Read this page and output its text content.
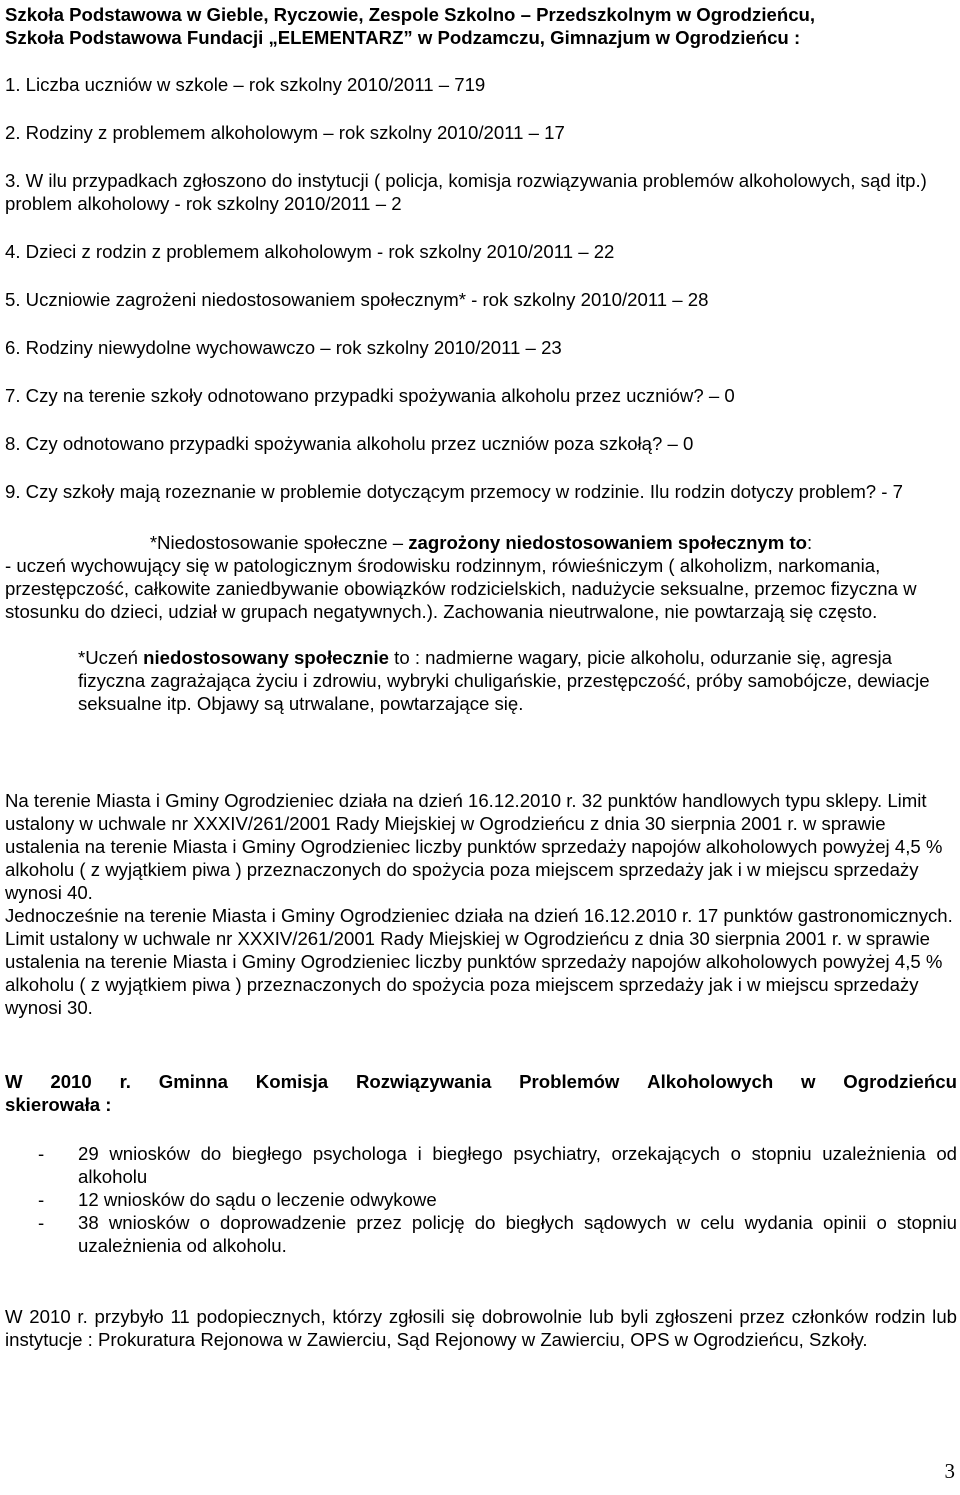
Szkoła Podstawowa w Gieble, Ryczowie, Zespole Szkolno – Przedszkolnym w Ogrodzieńcu,
Szkoła Podstawowa Fundacji „ELEMENTARZ” w Podzamczu, Gimnazjum w Ogrodzieńcu :

1. Liczba uczniów w szkole – rok szkolny 2010/2011 – 719

2. Rodziny z problemem alkoholowym – rok szkolny 2010/2011 – 17

3. W ilu przypadkach zgłoszono do instytucji ( policja, komisja rozwiązywania problemów alkoholowych, sąd itp.) problem alkoholowy - rok szkolny 2010/2011 – 2

4. Dzieci z rodzin z problemem alkoholowym - rok szkolny 2010/2011 – 22

5. Uczniowie zagrożeni niedostosowaniem społecznym* - rok szkolny 2010/2011 – 28

6. Rodziny niewydolne wychowawczo – rok szkolny 2010/2011 – 23

7. Czy na terenie szkoły odnotowano przypadki spożywania alkoholu przez uczniów? – 0

8. Czy odnotowano przypadki spożywania alkoholu przez uczniów poza szkołą? – 0

9. Czy szkoły mają rozeznanie w problemie dotyczącym przemocy w rodzinie. Ilu rodzin dotyczy problem? - 7

*Niedostosowanie społeczne – zagrożony niedostosowaniem społecznym to:
- uczeń wychowujący się w patologicznym środowisku rodzinnym, rówieśniczym ( alkoholizm, narkomania, przestępczość, całkowite zaniedbywanie obowiązków rodzicielskich, nadużycie seksualne, przemoc fizyczna w stosunku do dzieci, udział w grupach negatywnych.). Zachowania nieutrwalone, nie powtarzają się często.
*Uczeń niedostosowany społecznie to : nadmierne wagary, picie alkoholu, odurzanie się, agresja fizyczna zagrażająca życiu i zdrowiu, wybryki chuligańskie, przestępczość, próby samobójcze, dewiacje seksualne itp. Objawy są utrwalane, powtarzające się.
Na terenie Miasta i Gminy Ogrodzieniec działa na dzień 16.12.2010 r. 32 punktów handlowych typu sklepy. Limit ustalony w uchwale nr XXXIV/261/2001 Rady Miejskiej w Ogrodzieńcu z dnia 30 sierpnia 2001 r. w sprawie ustalenia na terenie Miasta i Gminy Ogrodzieniec liczby punktów sprzedaży napojów alkoholowych powyżej 4,5 % alkoholu ( z wyjątkiem piwa ) przeznaczonych do spożycia poza miejscem sprzedaży jak i w miejscu sprzedaży wynosi 40.
Jednocześnie na terenie Miasta i Gminy Ogrodzieniec działa na dzień 16.12.2010 r. 17 punktów gastronomicznych. Limit ustalony w uchwale nr XXXIV/261/2001 Rady Miejskiej w Ogrodzieńcu z dnia 30 sierpnia 2001 r. w sprawie ustalenia na terenie Miasta i Gminy Ogrodzieniec liczby punktów sprzedaży napojów alkoholowych powyżej 4,5 % alkoholu ( z wyjątkiem piwa ) przeznaczonych do spożycia poza miejscem sprzedaży jak i w miejscu sprzedaży wynosi 30.
W 2010 r. Gminna Komisja Rozwiązywania Problemów Alkoholowych w Ogrodzieńcu
skierowała :
-	29 wniosków do biegłego psychologa i biegłego psychiatry, orzekających o stopniu uzależnienia od alkoholu
-	12 wniosków do sądu o leczenie odwykowe
-	38 wniosków o doprowadzenie przez policję do biegłych sądowych w celu wydania opinii o stopniu uzależnienia od alkoholu.
W 2010 r. przybyło 11 podopiecznych, którzy zgłosili się dobrowolnie lub byli zgłoszeni przez członków rodzin lub instytucje : Prokuratura Rejonowa w Zawierciu, Sąd Rejonowy w Zawierciu, OPS w Ogrodzieńcu, Szkoły.
3
